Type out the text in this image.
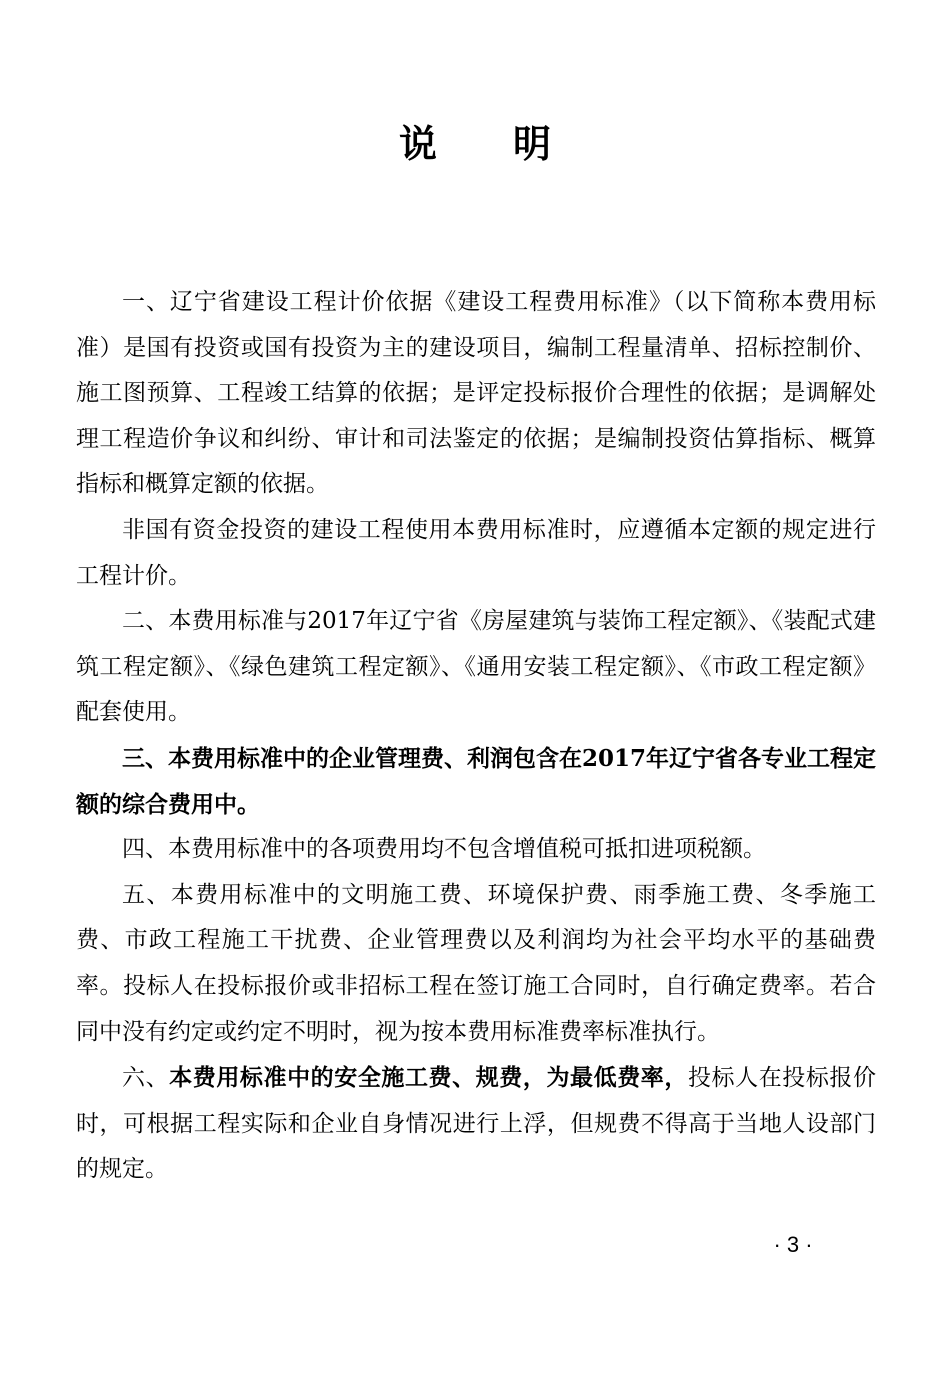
说 明

一、辽宁省建设工程计价依据《建设工程费用标准》（以下简称本费用标准）是国有投资或国有投资为主的建设项目，编制工程量清单、招标控制价、施工图预算、工程竣工结算的依据；是评定投标报价合理性的依据；是调解处理工程造价争议和纠纷、审计和司法鉴定的依据；是编制投资估算指标、概算指标和概算定额的依据。

非国有资金投资的建设工程使用本费用标准时，应遵循本定额的规定进行工程计价。

二、本费用标准与2017年辽宁省《房屋建筑与装饰工程定额》、《装配式建筑工程定额》、《绿色建筑工程定额》、《通用安装工程定额》、《市政工程定额》配套使用。

三、本费用标准中的企业管理费、利润包含在2017年辽宁省各专业工程定额的综合费用中。

四、本费用标准中的各项费用均不包含增值税可抵扣进项税额。

五、本费用标准中的文明施工费、环境保护费、雨季施工费、冬季施工费、市政工程施工干扰费、企业管理费以及利润均为社会平均水平的基础费率。投标人在投标报价或非招标工程在签订施工合同时，自行确定费率。若合同中没有约定或约定不明时，视为按本费用标准费率标准执行。

六、本费用标准中的安全施工费、规费，为最低费率，投标人在投标报价时，可根据工程实际和企业自身情况进行上浮，但规费不得高于当地人设部门的规定。

· 3 ·
